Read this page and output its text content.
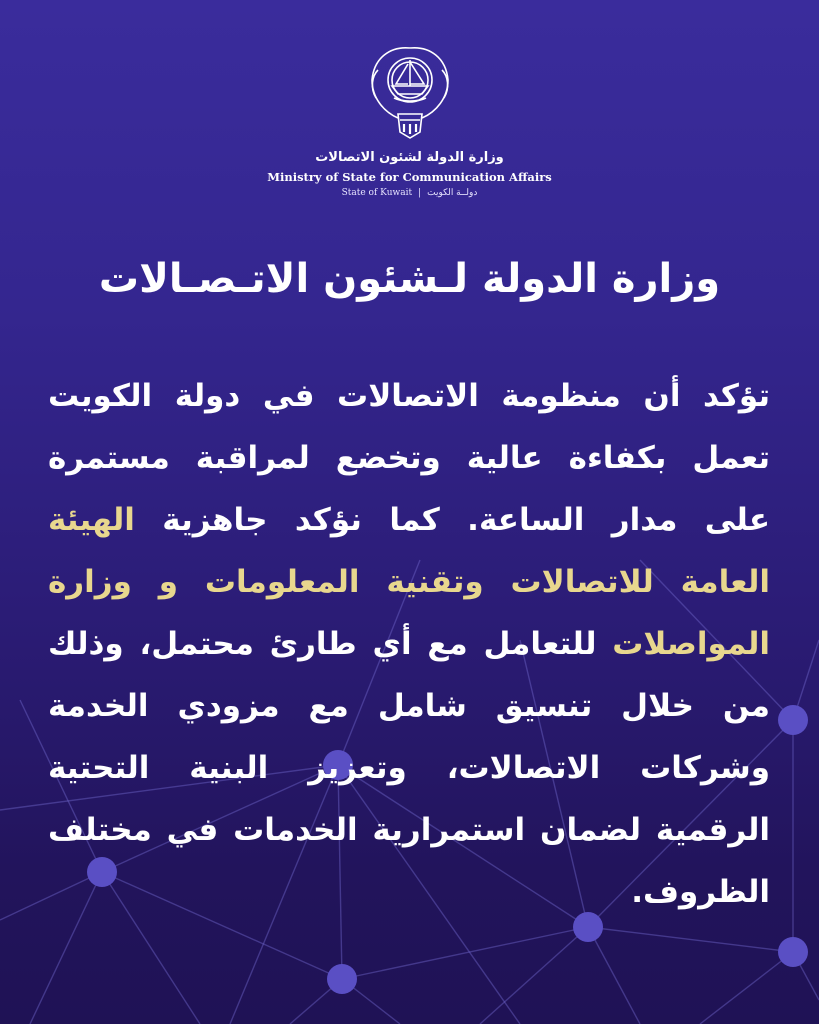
وزارة الدولة لشئون الاتصالات
Ministry of State for Communication Affairs
State of Kuwait | دولــة الكويت
وزارة الدولة لـشئون الاتـصـالات
تؤكد أن منظومة الاتصالات في دولة الكويت تعمل بكفاءة عالية وتخضع لمراقبة مستمرة على مدار الساعة. كما نؤكد جاهزية الهيئة العامة للاتصالات وتقنية المعلومات و وزارة المواصلات للتعامل مع أي طارئ محتمل، وذلك من خلال تنسيق شامل مع مزودي الخدمة وشركات الاتصالات، وتعزيز البنية التحتية الرقمية لضمان استمرارية الخدمات في مختلف الظروف.
